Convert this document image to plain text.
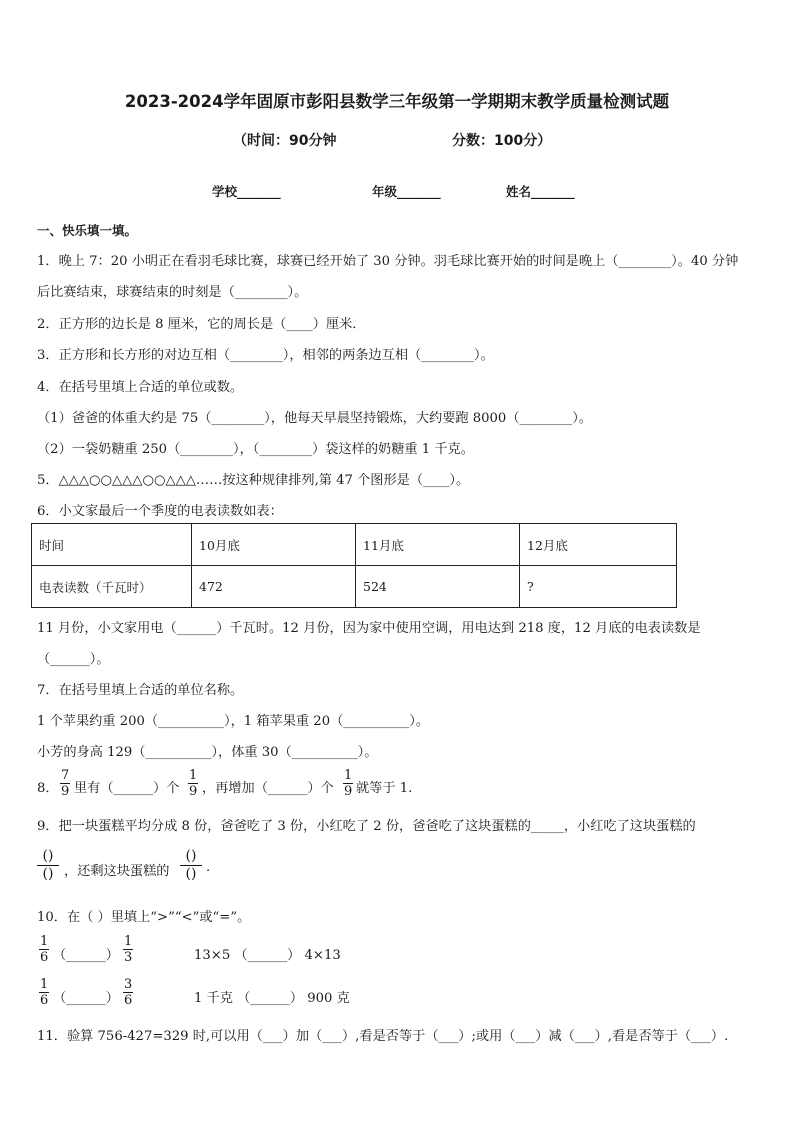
2023-2024学年固原市彭阳县数学三年级第一学期期末教学质量检测试题
（时间：90分钟	分数：100分）
学校_______	年级_______	姓名_______
一、快乐填一填。
1．晚上 7：20 小明正在看羽毛球比赛，球赛已经开始了 30 分钟。羽毛球比赛开始的时间是晚上（________）。40 分钟
后比赛结束，球赛结束的时刻是（________）。
2．正方形的边长是 8 厘米，它的周长是（____）厘米．
3．正方形和长方形的对边互相（________），相邻的两条边互相（________）。
4．在括号里填上合适的单位或数。
（1）爸爸的体重大约是 75（________），他每天早晨坚持锻炼，大约要跑 8000（________）。
（2）一袋奶糖重 250（________），（________）袋这样的奶糖重 1 千克。
5．△△△○○△△△○○△△△……按这种规律排列,第 47 个图形是（____）。
6．小文家最后一个季度的电表读数如表：
时间	10月底	11月底	12月底
电表读数（千瓦时）	472	524	?
11 月份，小文家用电（______）千瓦时。12 月份，因为家中使用空调，用电达到 218 度，12 月底的电表读数是
（______）。
7．在括号里填上合适的单位名称。
1 个苹果约重 200（__________），1 箱苹果重 20（__________）。
小芳的身高 129（__________），体重 30（__________）。
8．
7
9 里有（______）个
1
9 ，再增加（______）个
1
9 就等于 1.
9．把一块蛋糕平均分成 8 份，爸爸吃了 3 份，小红吃了 2 份，爸爸吃了这块蛋糕的_____，小红吃了这块蛋糕的
()
() ，还剩这块蛋糕的
()
() .
10．在（ ）里填上“>”“<”或“=”。
1
6 （______）
1
3	13×5 （______） 4×13
1
6 （______）
3
6	1 千克 （______） 900 克
11．验算 756-427=329 时,可以用（___）加（___）,看是否等于（___）;或用（___）减（___）,看是否等于（___）.
